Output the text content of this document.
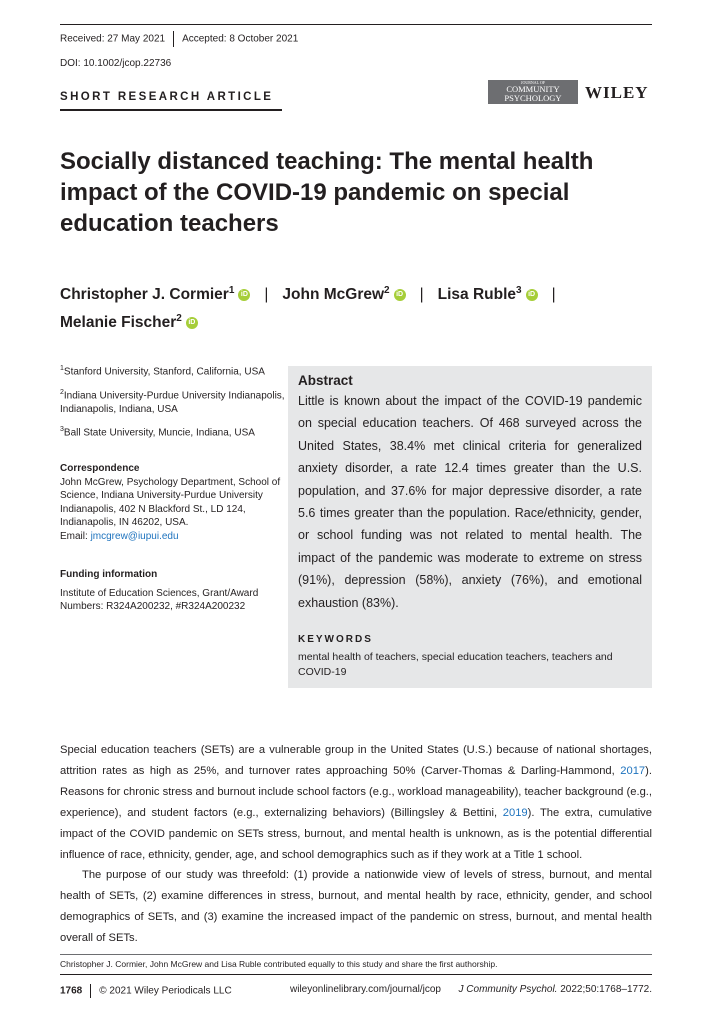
Received: 27 May 2021 Accepted: 8 October 2021
DOI: 10.1002/jcop.22736
SHORT RESEARCH ARTICLE
JOURNAL OF
COMMUNITY
PSYCHOLOGY	WILEY
Socially distanced teaching: The mental health impact of the COVID-19 pandemic on special education teachers
Christopher J. Cormier$^1$ iD | John McGrew$^2$ iD | Lisa Ruble$^3$ iD |
Melanie Fischer$^2$ iD
$^1$Stanford University, Stanford, California, USA
$^2$Indiana University-Purdue University Indianapolis, Indianapolis, Indiana, USA
$^3$Ball State University, Muncie, Indiana, USA
Correspondence
John McGrew, Psychology Department, School of Science, Indiana University-Purdue University Indianapolis, 402 N Blackford St., LD 124, Indianapolis, IN 46202, USA.
Email: jmcgrew@iupui.edu
Funding information
Institute of Education Sciences, Grant/Award Numbers: R324A200232, #R324A200232
Abstract
Little is known about the impact of the COVID-19 pandemic on special education teachers. Of 468 surveyed across the United States, 38.4% met clinical criteria for generalized anxiety disorder, a rate 12.4 times greater than the U.S. population, and 37.6% for major depressive disorder, a rate 5.6 times greater than the population. Race/ethnicity, gender, or school funding was not related to mental health. The impact of the pandemic was moderate to extreme on stress (91%), depression (58%), anxiety (76%), and emotional exhaustion (83%).
KEYWORDS
mental health of teachers, special education teachers, teachers and COVID-19
Special education teachers (SETs) are a vulnerable group in the United States (U.S.) because of national shortages, attrition rates as high as 25%, and turnover rates approaching 50% (Carver-Thomas & Darling-Hammond, 2017). Reasons for chronic stress and burnout include school factors (e.g., workload manageability), teacher background (e.g., experience), and student factors (e.g., externalizing behaviors) (Billingsley & Bettini, 2019). The extra, cumulative impact of the COVID pandemic on SETs stress, burnout, and mental health is unknown, as is the potential differential influence of race, ethnicity, gender, age, and school demographics such as if they work at a Title 1 school.
The purpose of our study was threefold: (1) provide a nationwide view of levels of stress, burnout, and mental health of SETs, (2) examine differences in stress, burnout, and mental health by race, ethnicity, gender, and school demographics of SETs, and (3) examine the increased impact of the pandemic on stress, burnout, and mental health overall of SETs.
Christopher J. Cormier, John McGrew and Lisa Ruble contributed equally to this study and share the first authorship.
1768 © 2021 Wiley Periodicals LLC	wileyonlinelibrary.com/journal/jcop J Community Psychol. 2022;50:1768–1772.
